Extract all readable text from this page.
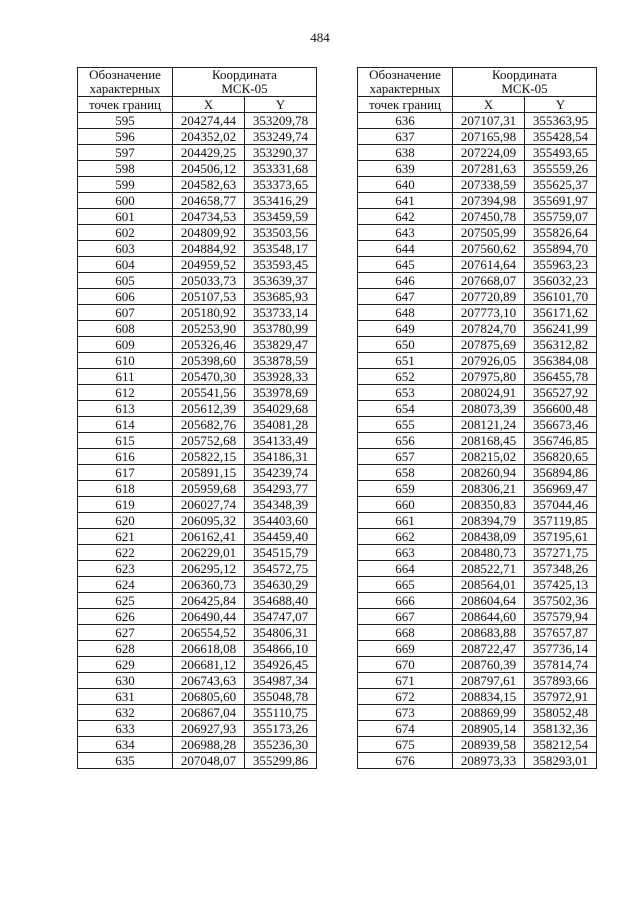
484
Обозначение
характерных	Координата
МСК-05	

точек границ	X	Y
595	204274,44	353209,78
596	204352,02	353249,74
597	204429,25	353290,37
598	204506,12	353331,68
599	204582,63	353373,65
600	204658,77	353416,29
601	204734,53	353459,59
602	204809,92	353503,56
603	204884,92	353548,17
604	204959,52	353593,45
605	205033,73	353639,37
606	205107,53	353685,93
607	205180,92	353733,14
608	205253,90	353780,99
609	205326,46	353829,47
610	205398,60	353878,59
611	205470,30	353928,33
612	205541,56	353978,69
613	205612,39	354029,68
614	205682,76	354081,28
615	205752,68	354133,49
616	205822,15	354186,31
617	205891,15	354239,74
618	205959,68	354293,77
619	206027,74	354348,39
620	206095,32	354403,60
621	206162,41	354459,40
622	206229,01	354515,79
623	206295,12	354572,75
624	206360,73	354630,29
625	206425,84	354688,40
626	206490,44	354747,07
627	206554,52	354806,31
628	206618,08	354866,10
629	206681,12	354926,45
630	206743,63	354987,34
631	206805,60	355048,78
632	206867,04	355110,75
633	206927,93	355173,26
634	206988,28	355236,30
635	207048,07	355299,86
Обозначение
характерных	Координата
МСК-05	

точек границ	X	Y
636	207107,31	355363,95
637	207165,98	355428,54
638	207224,09	355493,65
639	207281,63	355559,26
640	207338,59	355625,37
641	207394,98	355691,97
642	207450,78	355759,07
643	207505,99	355826,64
644	207560,62	355894,70
645	207614,64	355963,23
646	207668,07	356032,23
647	207720,89	356101,70
648	207773,10	356171,62
649	207824,70	356241,99
650	207875,69	356312,82
651	207926,05	356384,08
652	207975,80	356455,78
653	208024,91	356527,92
654	208073,39	356600,48
655	208121,24	356673,46
656	208168,45	356746,85
657	208215,02	356820,65
658	208260,94	356894,86
659	208306,21	356969,47
660	208350,83	357044,46
661	208394,79	357119,85
662	208438,09	357195,61
663	208480,73	357271,75
664	208522,71	357348,26
665	208564,01	357425,13
666	208604,64	357502,36
667	208644,60	357579,94
668	208683,88	357657,87
669	208722,47	357736,14
670	208760,39	357814,74
671	208797,61	357893,66
672	208834,15	357972,91
673	208869,99	358052,48
674	208905,14	358132,36
675	208939,58	358212,54
676	208973,33	358293,01
